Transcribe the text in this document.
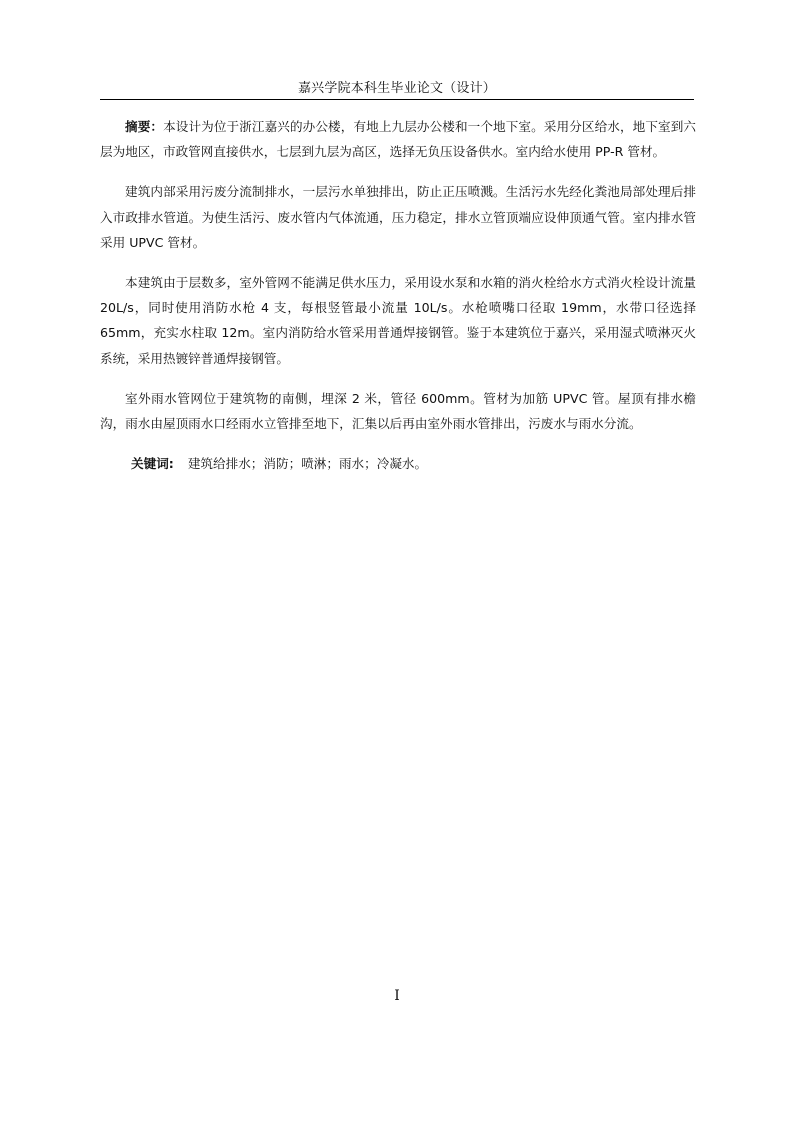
嘉兴学院本科生毕业论文（设计）

摘要：本设计为位于浙江嘉兴的办公楼，有地上九层办公楼和一个地下室。采用分区给水，地下室到六层为地区，市政管网直接供水，七层到九层为高区，选择无负压设备供水。室内给水使用 PP-R 管材。

建筑内部采用污废分流制排水，一层污水单独排出，防止正压喷溅。生活污水先经化粪池局部处理后排入市政排水管道。为使生活污、废水管内气体流通，压力稳定，排水立管顶端应设伸顶通气管。室内排水管采用 UPVC 管材。

本建筑由于层数多，室外管网不能满足供水压力，采用设水泵和水箱的消火栓给水方式消火栓设计流量 20L/s，同时使用消防水枪 4 支，每根竖管最小流量 10L/s。水枪喷嘴口径取 19mm，水带口径选择 65mm，充实水柱取 12m。室内消防给水管采用普通焊接钢管。鉴于本建筑位于嘉兴，采用湿式喷淋灭火系统，采用热镀锌普通焊接钢管。

室外雨水管网位于建筑物的南侧，埋深 2 米，管径 600mm。管材为加筋 UPVC 管。屋顶有排水檐沟，雨水由屋顶雨水口经雨水立管排至地下，汇集以后再由室外雨水管排出，污废水与雨水分流。

关键词: 建筑给排水；消防；喷淋；雨水；冷凝水。

I
